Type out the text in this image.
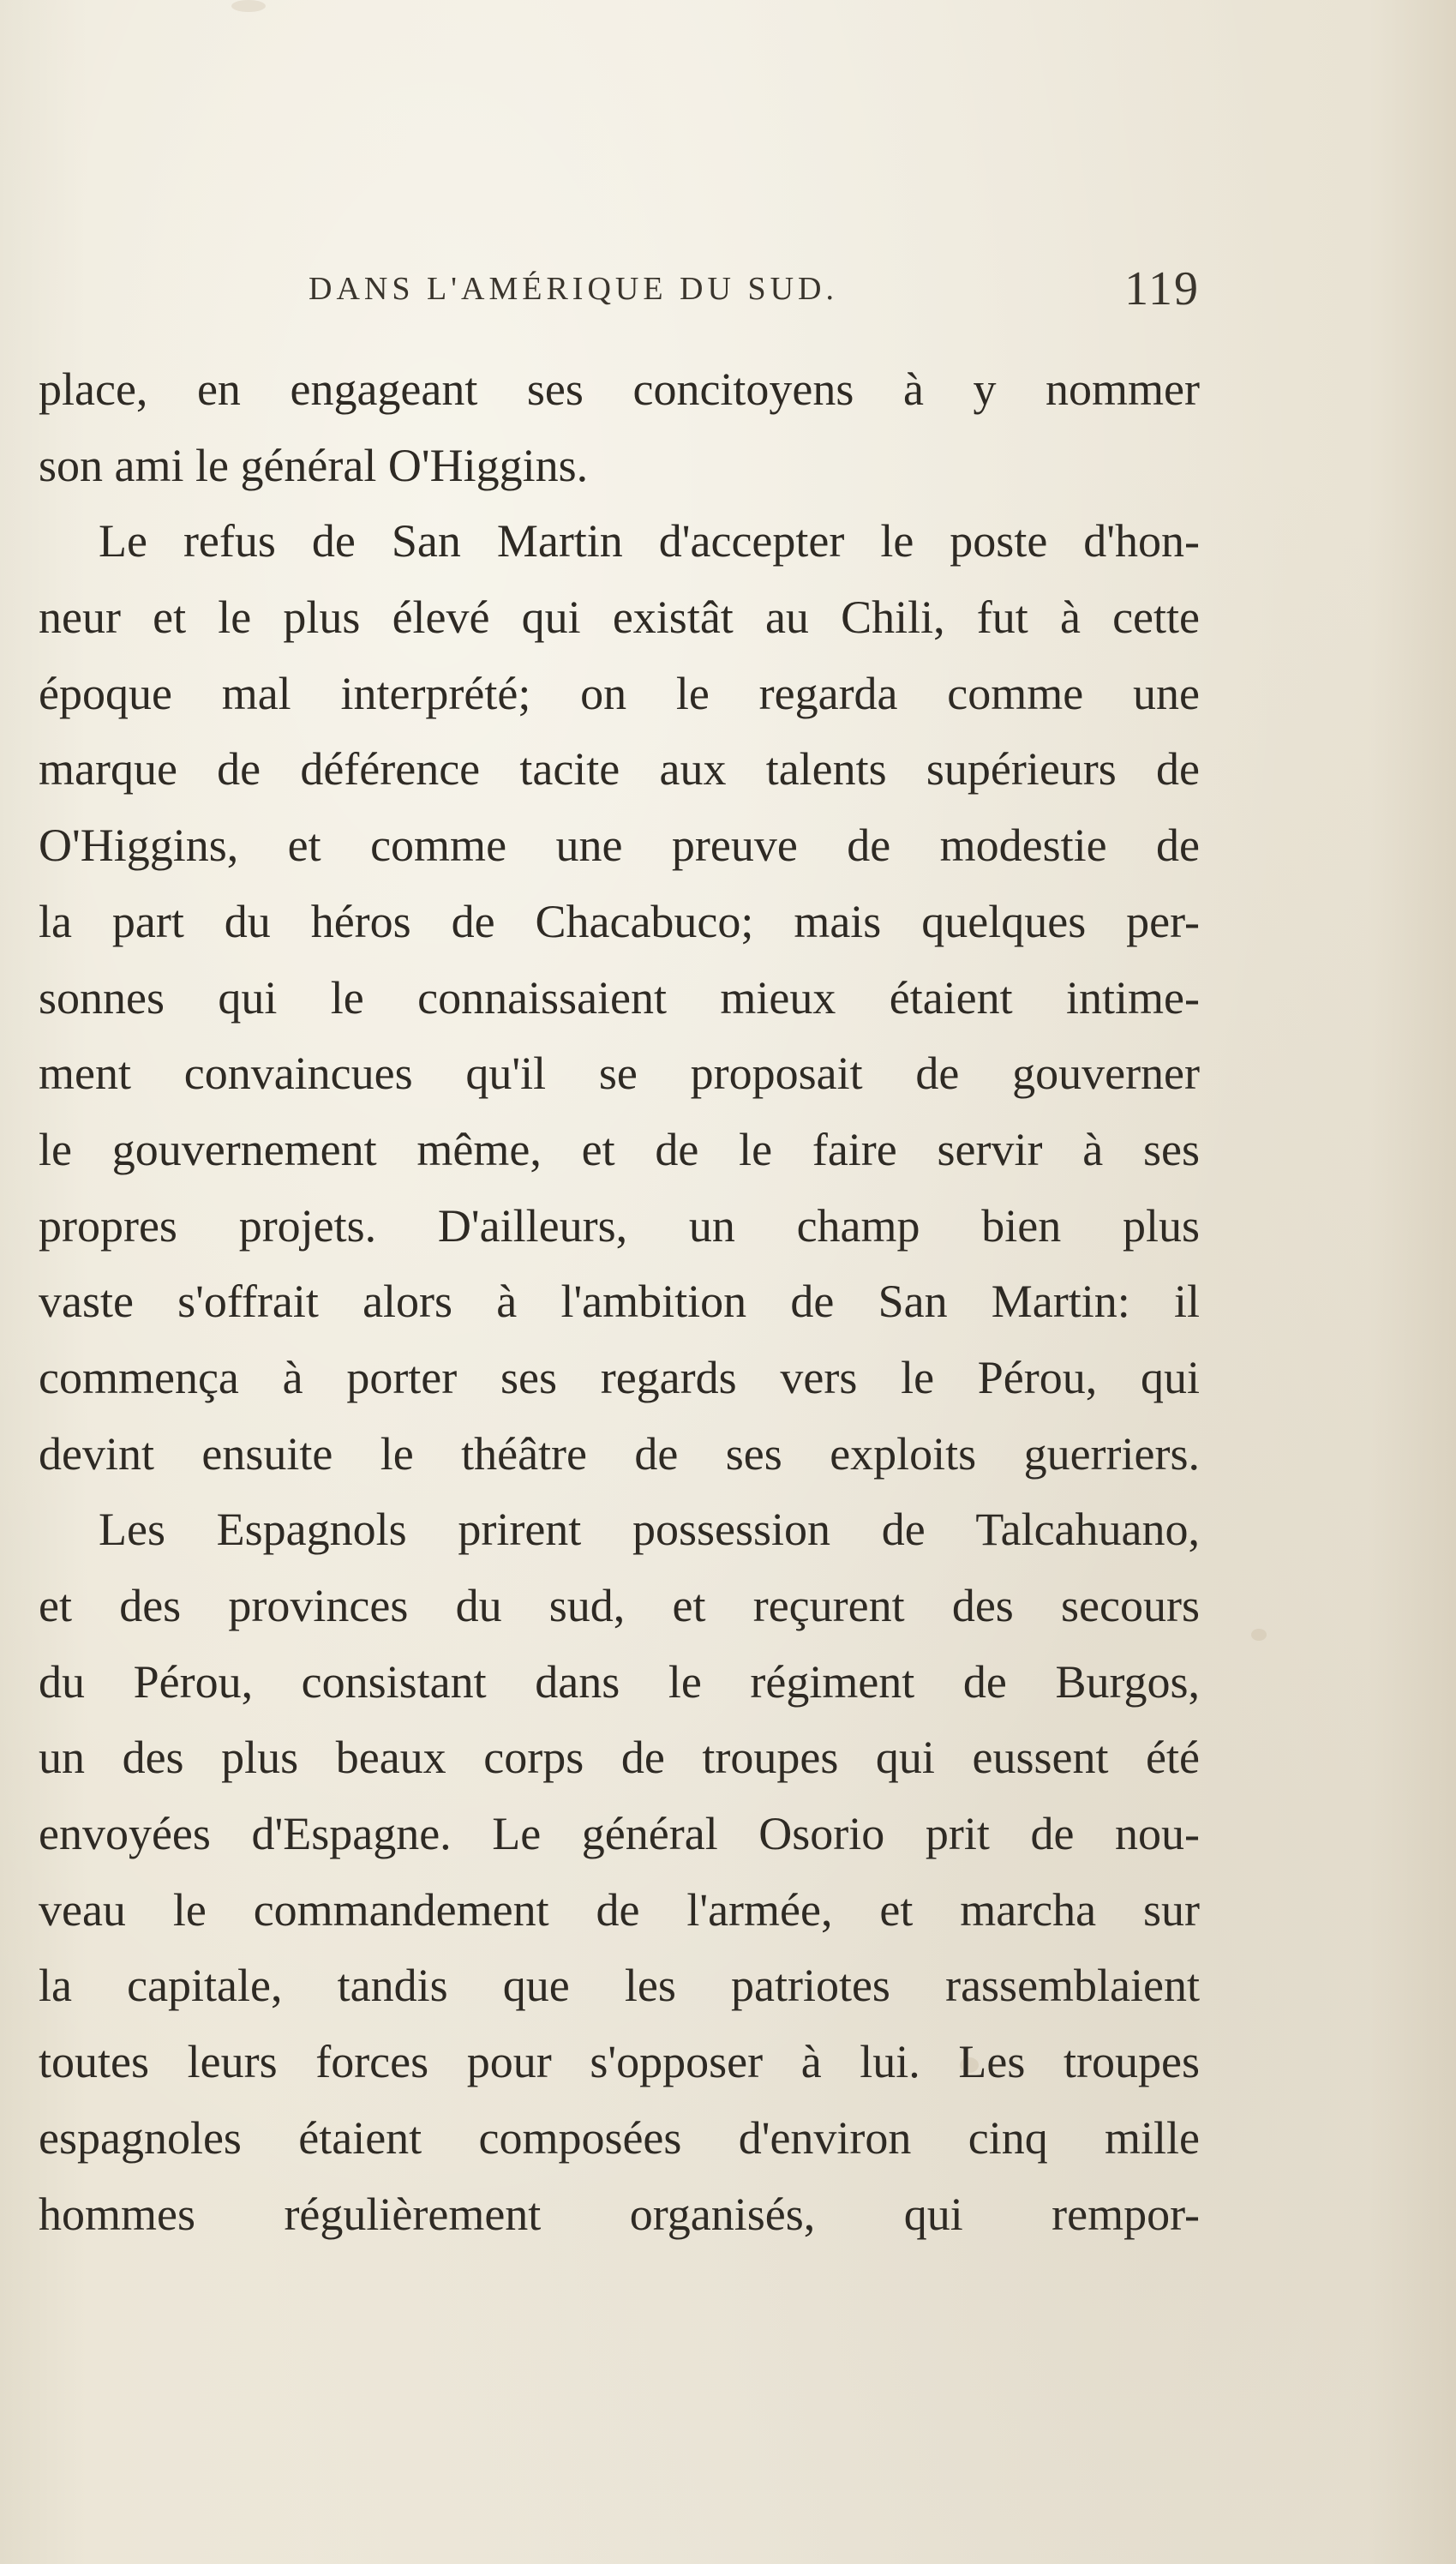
DANS L'AMÉRIQUE DU SUD.	119
place, en engageant ses concitoyens à y nommer
son ami le général O'Higgins.
Le refus de San Martin d'accepter le poste d'hon-
neur et le plus élevé qui existât au Chili, fut à cette
époque mal interprété; on le regarda comme une
marque de déférence tacite aux talents supérieurs de
O'Higgins, et comme une preuve de modestie de
la part du héros de Chacabuco; mais quelques per-
sonnes qui le connaissaient mieux étaient intime-
ment convaincues qu'il se proposait de gouverner
le gouvernement même, et de le faire servir à ses
propres projets. D'ailleurs, un champ bien plus
vaste s'offrait alors à l'ambition de San Martin: il
commença à porter ses regards vers le Pérou, qui
devint ensuite le théâtre de ses exploits guerriers.
Les Espagnols prirent possession de Talcahuano,
et des provinces du sud, et reçurent des secours
du Pérou, consistant dans le régiment de Burgos,
un des plus beaux corps de troupes qui eussent été
envoyées d'Espagne. Le général Osorio prit de nou-
veau le commandement de l'armée, et marcha sur
la capitale, tandis que les patriotes rassemblaient
toutes leurs forces pour s'opposer à lui. Les troupes
espagnoles étaient composées d'environ cinq mille
hommes régulièrement organisés, qui rempor-
